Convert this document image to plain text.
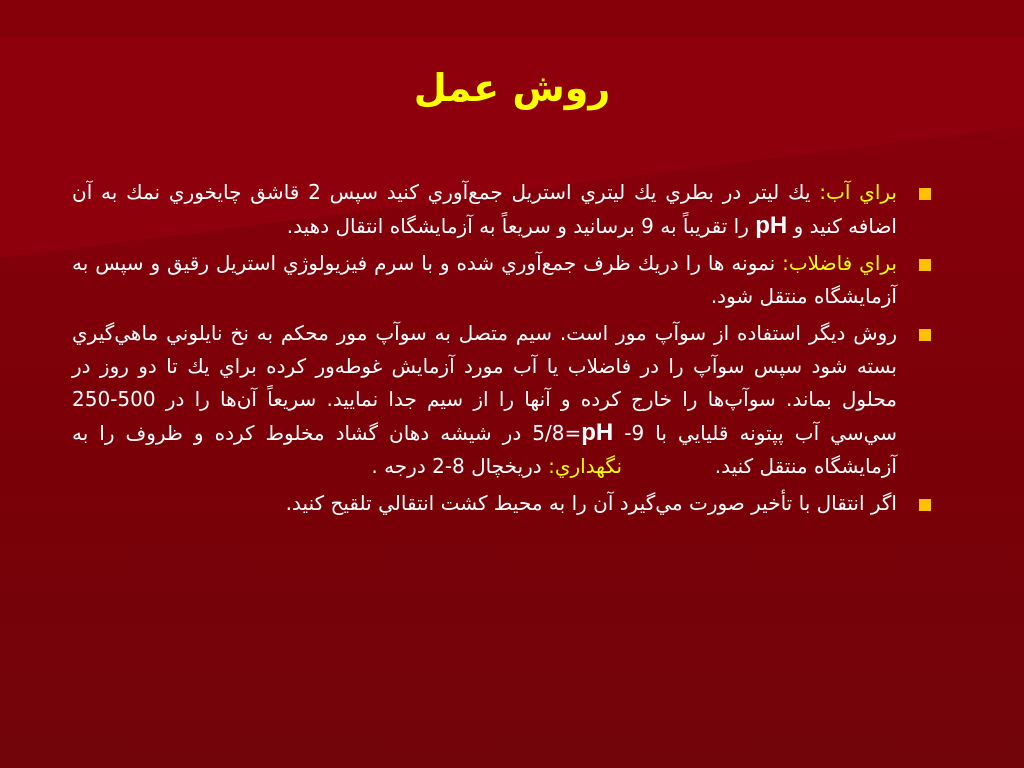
روش عمل
براي آب: يك ليتر در بطري يك ليتري استريل جمع‌آوري كنيد سپس 2 قاشق چايخوري نمك به آن اضافه كنيد و pH را تقريباً به 9 برسانيد و سريعاً به آزمايشگاه انتقال دهيد.
براي فاضلاب: نمونه ها را دريك ظرف جمع‌آوري شده و با سرم فيزيولوژي استريل رقيق و سپس به آزمايشگاه منتقل شود.
روش ديگر استفاده از سوآپ مور است. سيم متصل به سوآپ مور محكم به نخ نايلوني ماهي‌گيري بسته شود سپس سوآپ را در فاضلاب يا آب مورد آزمايش غوطه‌ور كرده براي يك تا دو روز در محلول بماند. سوآپ‌ها را خارج كرده و آنها را از سيم جدا نماييد. سريعاً آن‌ها را در 500-250 سي‌سي آب پپتونه قليايي با 9- pH=5/8 در شيشه دهان گشاد مخلوط كرده و ظروف را به آزمايشگاه منتقل كنيد.  نگهداري: دريخچال 8-2 درجه .
اگر انتقال با تأخير صورت مي‌گيرد آن را به محيط كشت انتقالي تلقيح كنيد.
